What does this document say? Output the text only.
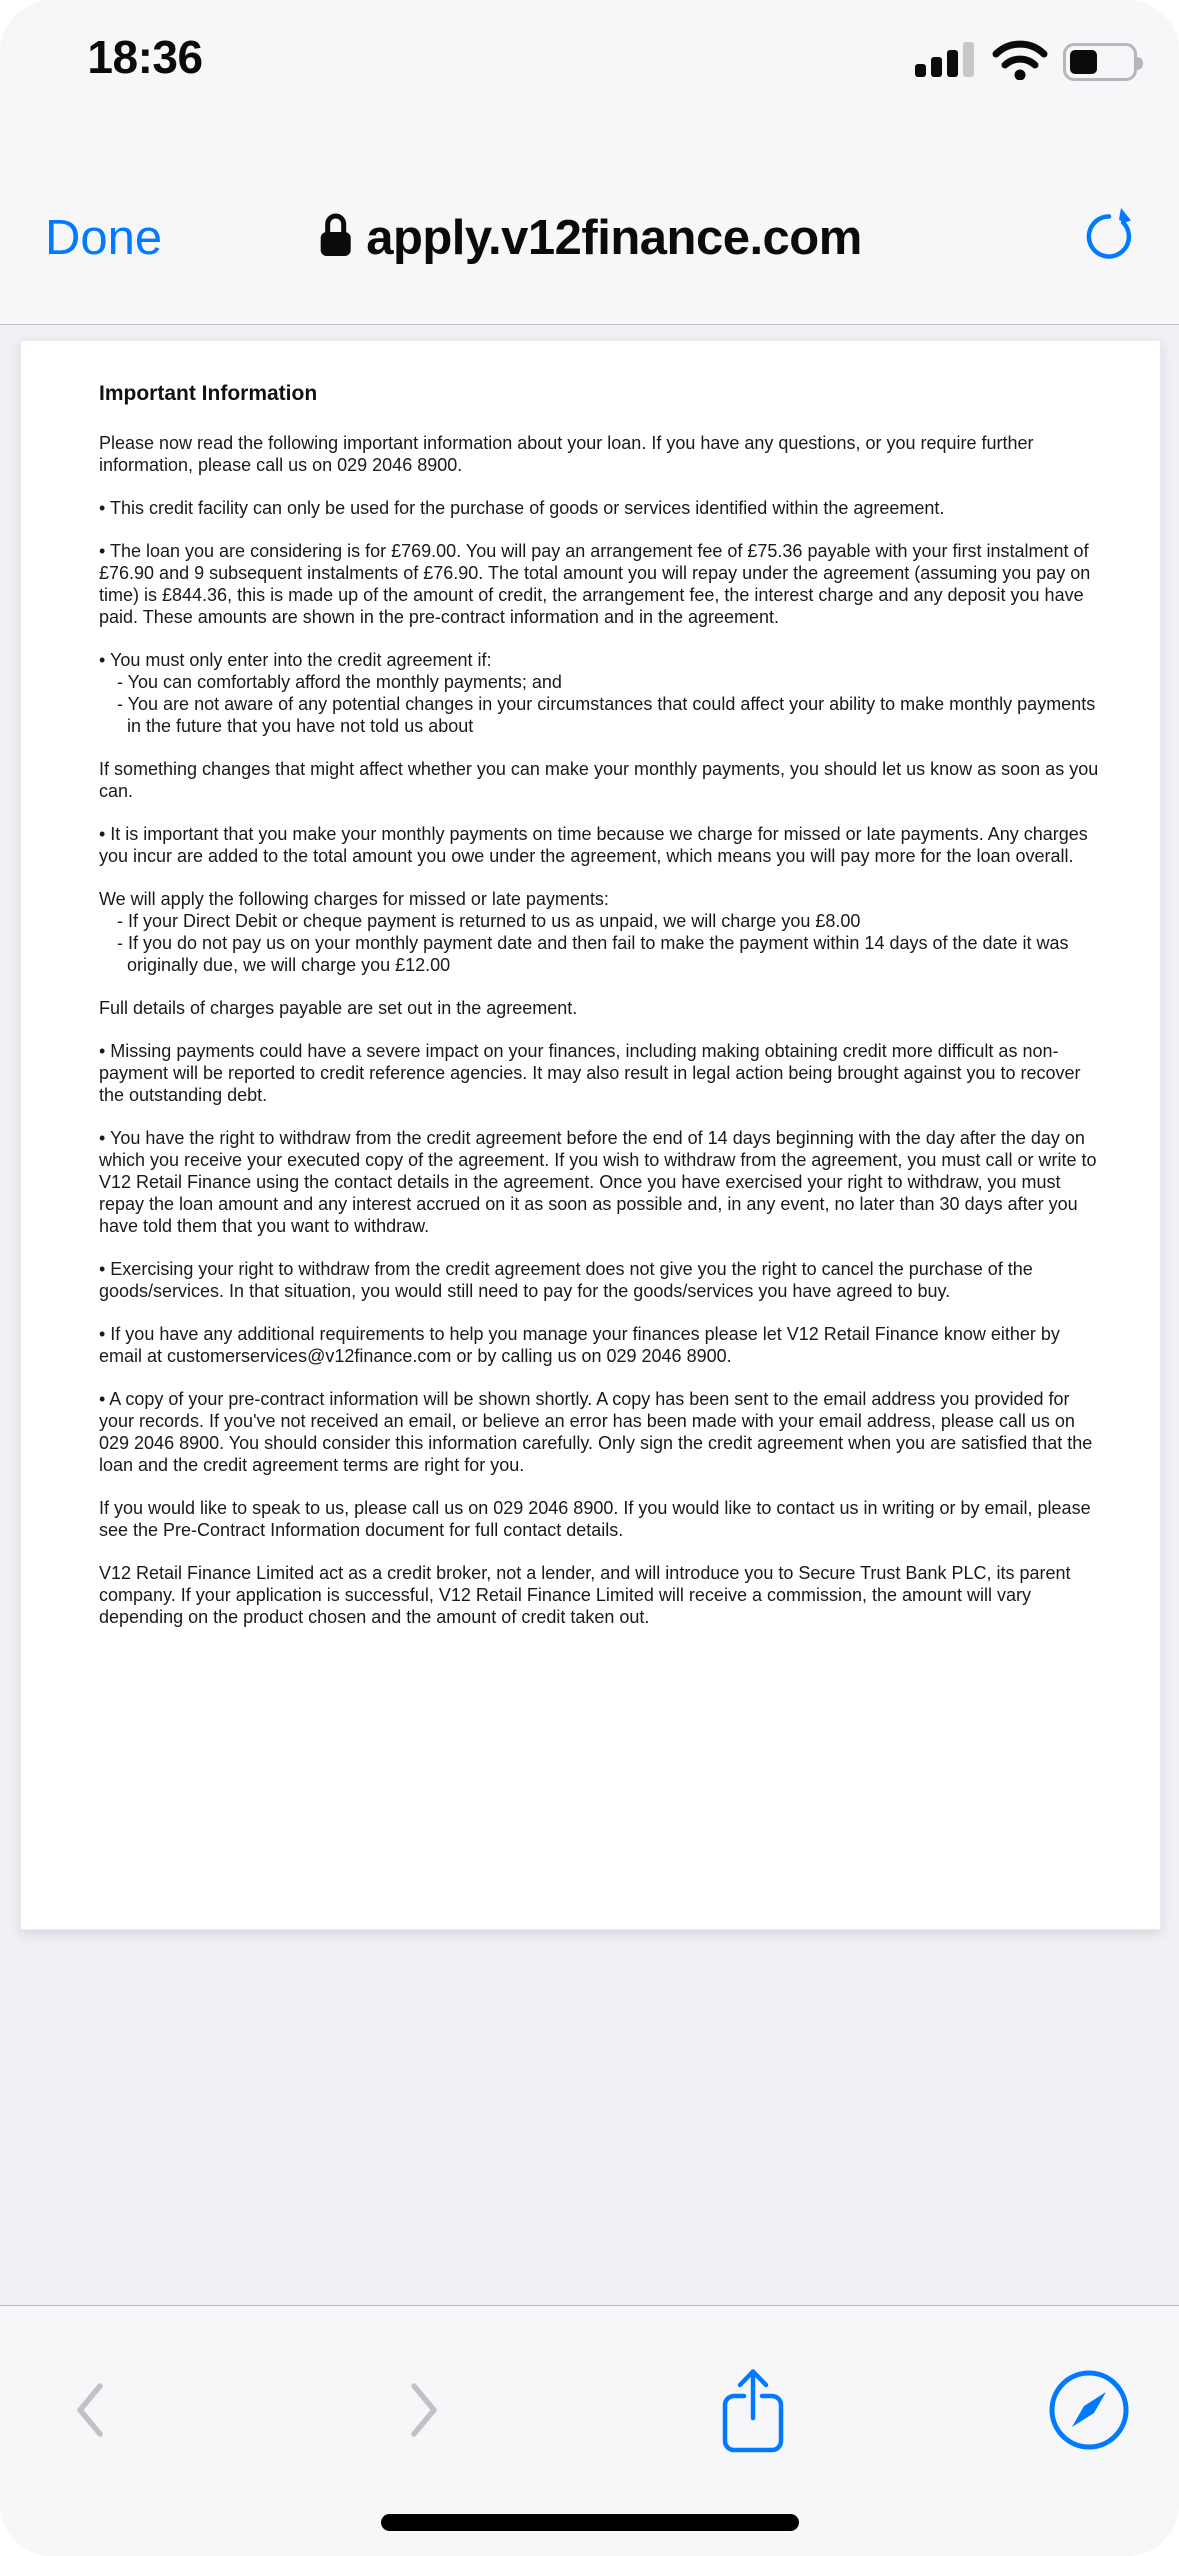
18:36
Done	apply.v12finance.com
Important Information
Please now read the following important information about your loan. If you have any questions, or you require further information, please call us on 029 2046 8900.
• This credit facility can only be used for the purchase of goods or services identified within the agreement.
• The loan you are considering is for £769.00. You will pay an arrangement fee of £75.36 payable with your first instalment of £76.90 and 9 subsequent instalments of £76.90. The total amount you will repay under the agreement (assuming you pay on time) is £844.36, this is made up of the amount of credit, the arrangement fee, the interest charge and any deposit you have paid. These amounts are shown in the pre-contract information and in the agreement.
• You must only enter into the credit agreement if:
- You can comfortably afford the monthly payments; and
- You are not aware of any potential changes in your circumstances that could affect your ability to make monthly payments in the future that you have not told us about
If something changes that might affect whether you can make your monthly payments, you should let us know as soon as you can.
• It is important that you make your monthly payments on time because we charge for missed or late payments. Any charges you incur are added to the total amount you owe under the agreement, which means you will pay more for the loan overall.
We will apply the following charges for missed or late payments:
- If your Direct Debit or cheque payment is returned to us as unpaid, we will charge you £8.00
- If you do not pay us on your monthly payment date and then fail to make the payment within 14 days of the date it was originally due, we will charge you £12.00
Full details of charges payable are set out in the agreement.
• Missing payments could have a severe impact on your finances, including making obtaining credit more difficult as non-payment will be reported to credit reference agencies. It may also result in legal action being brought against you to recover the outstanding debt.
• You have the right to withdraw from the credit agreement before the end of 14 days beginning with the day after the day on which you receive your executed copy of the agreement. If you wish to withdraw from the agreement, you must call or write to V12 Retail Finance using the contact details in the agreement. Once you have exercised your right to withdraw, you must repay the loan amount and any interest accrued on it as soon as possible and, in any event, no later than 30 days after you have told them that you want to withdraw.
• Exercising your right to withdraw from the credit agreement does not give you the right to cancel the purchase of the goods/services. In that situation, you would still need to pay for the goods/services you have agreed to buy.
• If you have any additional requirements to help you manage your finances please let V12 Retail Finance know either by email at customerservices@v12finance.com or by calling us on 029 2046 8900.
• A copy of your pre-contract information will be shown shortly. A copy has been sent to the email address you provided for your records. If you've not received an email, or believe an error has been made with your email address, please call us on 029 2046 8900. You should consider this information carefully. Only sign the credit agreement when you are satisfied that the loan and the credit agreement terms are right for you.
If you would like to speak to us, please call us on 029 2046 8900. If you would like to contact us in writing or by email, please see the Pre-Contract Information document for full contact details.
V12 Retail Finance Limited act as a credit broker, not a lender, and will introduce you to Secure Trust Bank PLC, its parent company. If your application is successful, V12 Retail Finance Limited will receive a commission, the amount will vary depending on the product chosen and the amount of credit taken out.
